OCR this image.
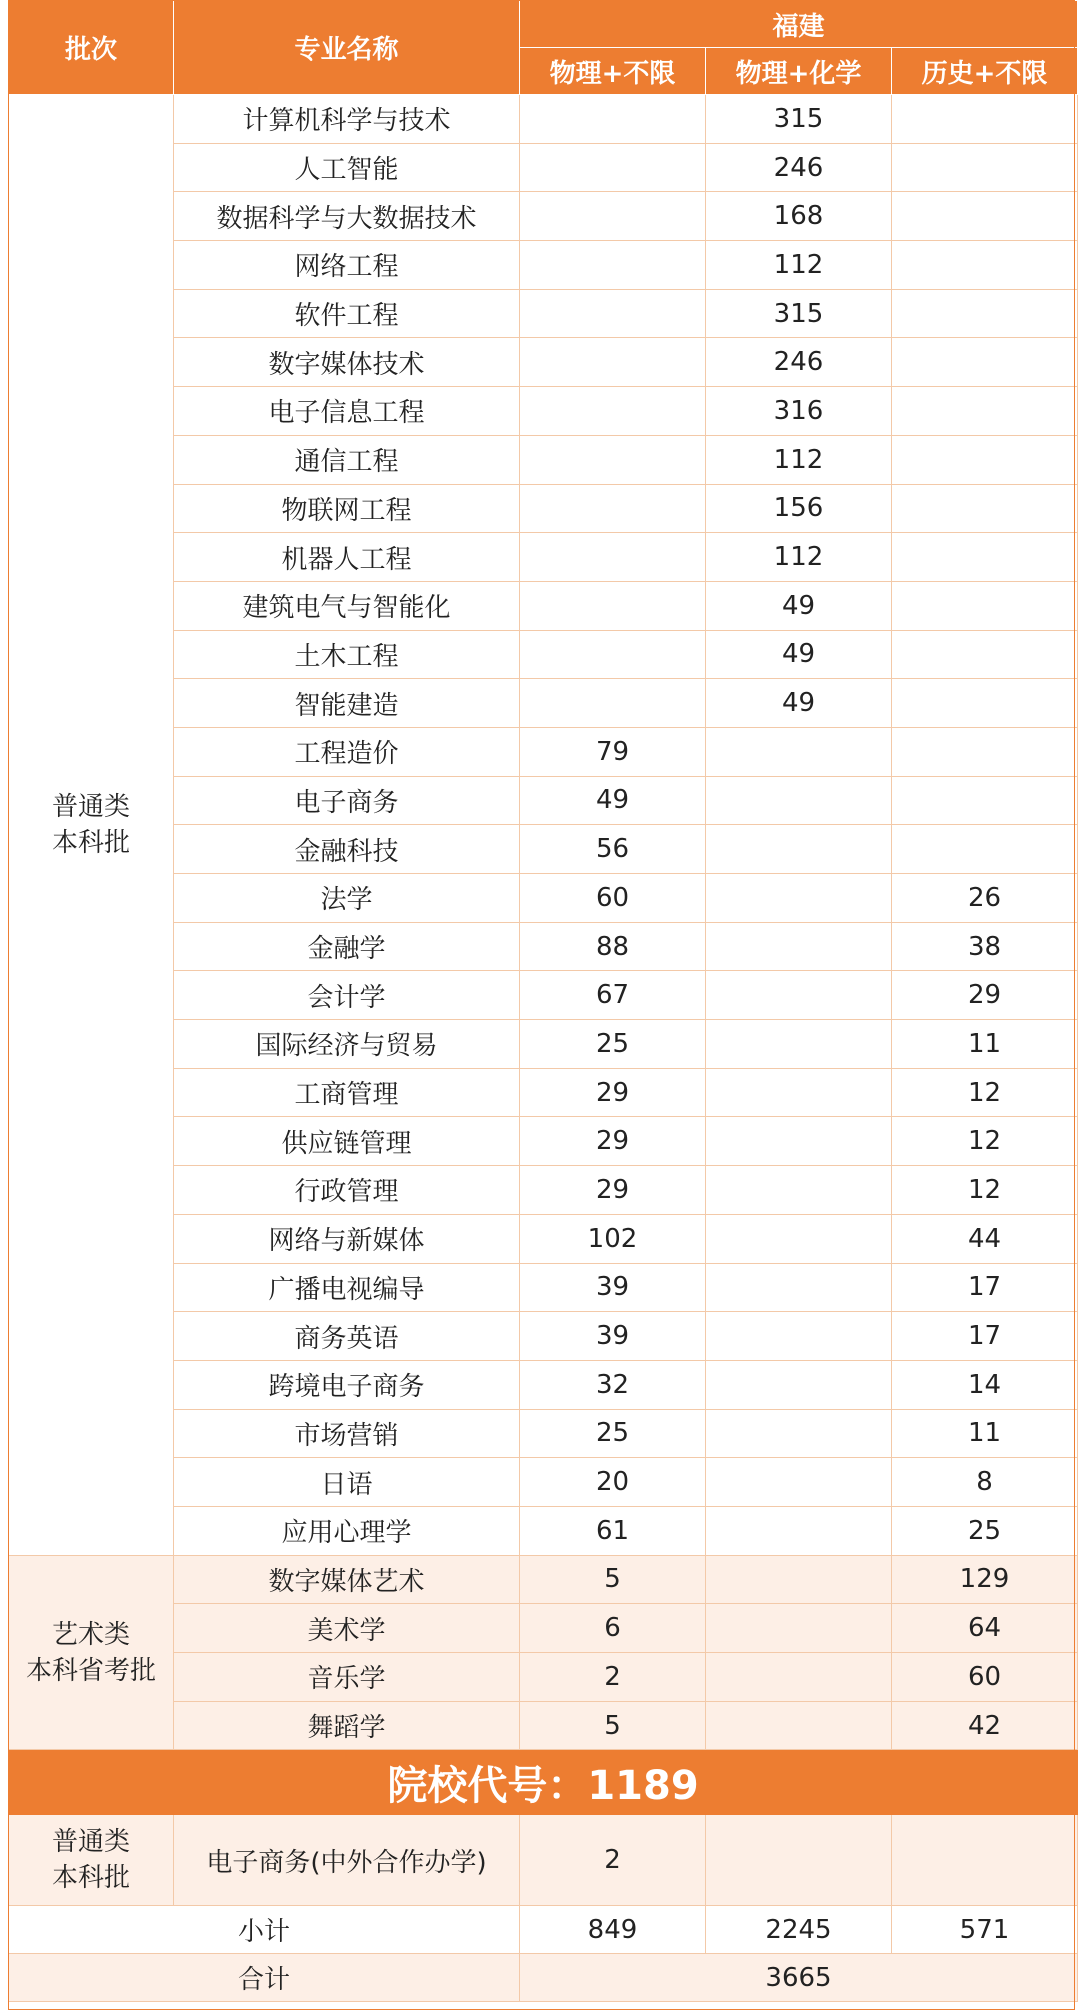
批次	专业名称	福建		
		物理+不限	物理+化学	历史+不限

普通类
本科批	计算机科学与技术		315	
	人工智能		246	
	数据科学与大数据技术		168	
	网络工程		112	
	软件工程		315	
	数字媒体技术		246	
	电子信息工程		316	
	通信工程		112	
	物联网工程		156	
	机器人工程		112	
	建筑电气与智能化		49	
	土木工程		49	
	智能建造		49	
	工程造价	79		
	电子商务	49		
	金融科技	56		
	法学	60		26
	金融学	88		38
	会计学	67		29
	国际经济与贸易	25		11
	工商管理	29		12
	供应链管理	29		12
	行政管理	29		12
	网络与新媒体	102		44
	广播电视编导	39		17
	商务英语	39		17
	跨境电子商务	32		14
	市场营销	25		11
	日语	20		8
	应用心理学	61		25

艺术类
本科省考批	数字媒体艺术	5		129
	美术学	6		64
	音乐学	2		60
	舞蹈学	5		42
院校代号：1189				

普通类
本科批	电子商务(中外合作办学)	2		
小计		849	2245	571
合计		3665		
